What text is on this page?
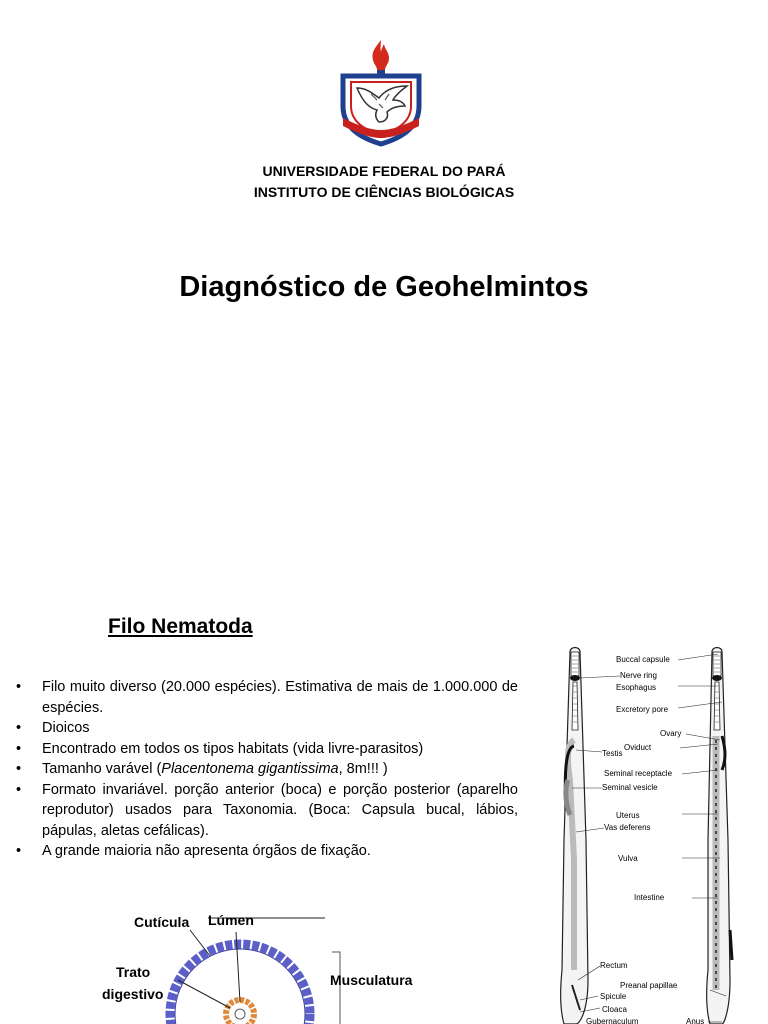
UNIVERSIDADE FEDERAL DO PARÁ
INSTITUTO DE CIÊNCIAS BIOLÓGICAS
Diagnóstico de Geohelmintos
Filo Nematoda
• Filo muito diverso (20.000 espécies). Estimativa de mais de 1.000.000 de espécies.
• Dioicos
• Encontrado em todos os tipos habitats (vida livre-parasitos)
• Tamanho varável (Placentonema gigantissima, 8m!!! )
• Formato invariável. porção anterior (boca) e porção posterior (aparelho reprodutor) usados para Taxonomia. (Boca: Capsula bucal, lábios, pápulas, aletas cefálicas).
• A grande maioria não apresenta órgãos de fixação.
Buccal capsule
Nerve ring
Esophagus
Excretory pore
Ovary
Oviduct
Testis
Seminal receptacle
Seminal vesicle
Uterus
Vas deferens
Vulva
Intestine
Rectum
Preanal papillae
Spicule
Cloaca
Gubernaculum	Anus
Cutícula Lúmen
Trato
digestivo
Musculatura
